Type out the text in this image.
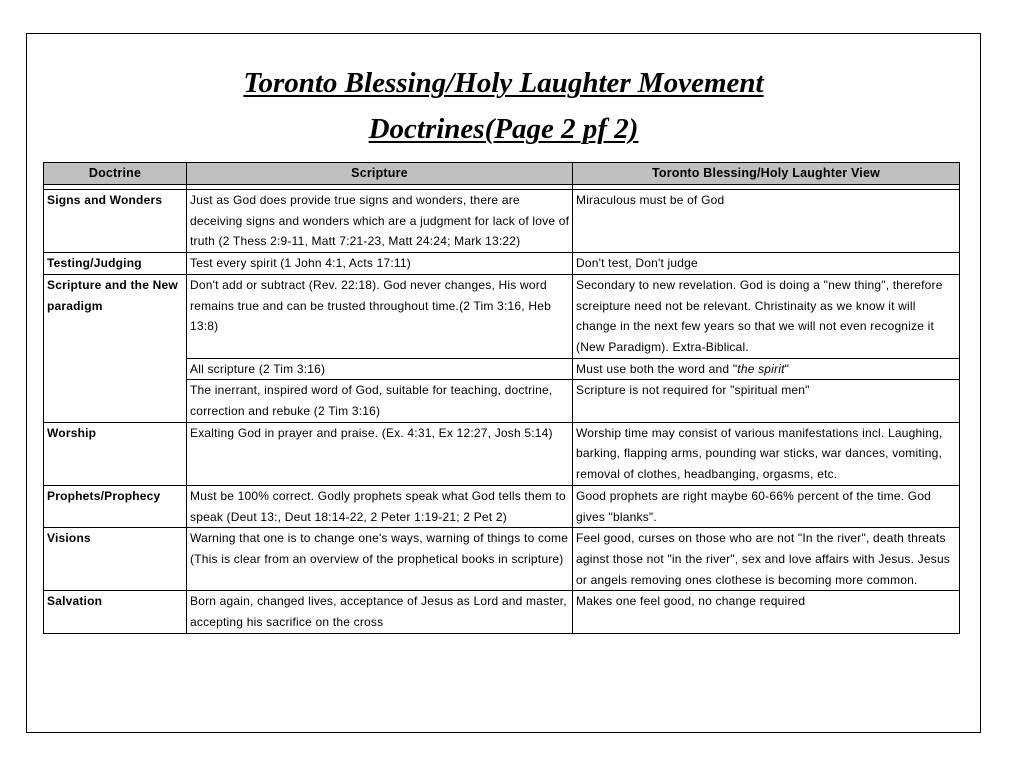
Toronto Blessing/Holy Laughter Movement
Doctrines(Page 2 pf 2)
Doctrine	Scripture	Toronto Blessing/Holy Laughter View

Signs and Wonders	Just as God does provide true signs and wonders, there are deceiving signs and wonders which are a judgment for lack of love of truth (2 Thess 2:9-11, Matt 7:21-23, Matt 24:24; Mark 13:22)	Miraculous must be of God
Testing/Judging	Test every spirit (1 John 4:1, Acts 17:11)	Don't test, Don't judge
Scripture and the New paradigm	Don't add or subtract (Rev. 22:18). God never changes, His word remains true and can be trusted throughout time.(2 Tim 3:16, Heb 13:8)	Secondary to new revelation. God is doing a "new thing", therefore screipture need not be relevant. Christinaity as we know it will change in the next few years so that we will not even recognize it (New Paradigm). Extra-Biblical.
	All scripture (2 Tim 3:16)	Must use both the word and "the spirit"
	The inerrant, inspired word of God, suitable for teaching, doctrine, correction and rebuke (2 Tim 3:16)	Scripture is not required for "spiritual men"
Worship	Exalting God in prayer and praise. (Ex. 4:31, Ex 12:27, Josh 5:14)	Worship time may consist of various manifestations incl. Laughing, barking, flapping arms, pounding war sticks, war dances, vomiting, removal of clothes, headbanging, orgasms, etc.
Prophets/Prophecy	Must be 100% correct. Godly prophets speak what God tells them to speak (Deut 13:, Deut 18:14-22, 2 Peter 1:19-21; 2 Pet 2)	Good prophets are right maybe 60-66% percent of the time. God gives "blanks".
Visions	Warning that one is to change one's ways, warning of things to come (This is clear from an overview of the prophetical books in scripture)	Feel good, curses on those who are not "In the river", death threats aginst those not "in the river", sex and love affairs with Jesus. Jesus or angels removing ones clothese is becoming more common.
Salvation	Born again, changed lives, acceptance of Jesus as Lord and master, accepting his sacrifice on the cross	Makes one feel good, no change required
